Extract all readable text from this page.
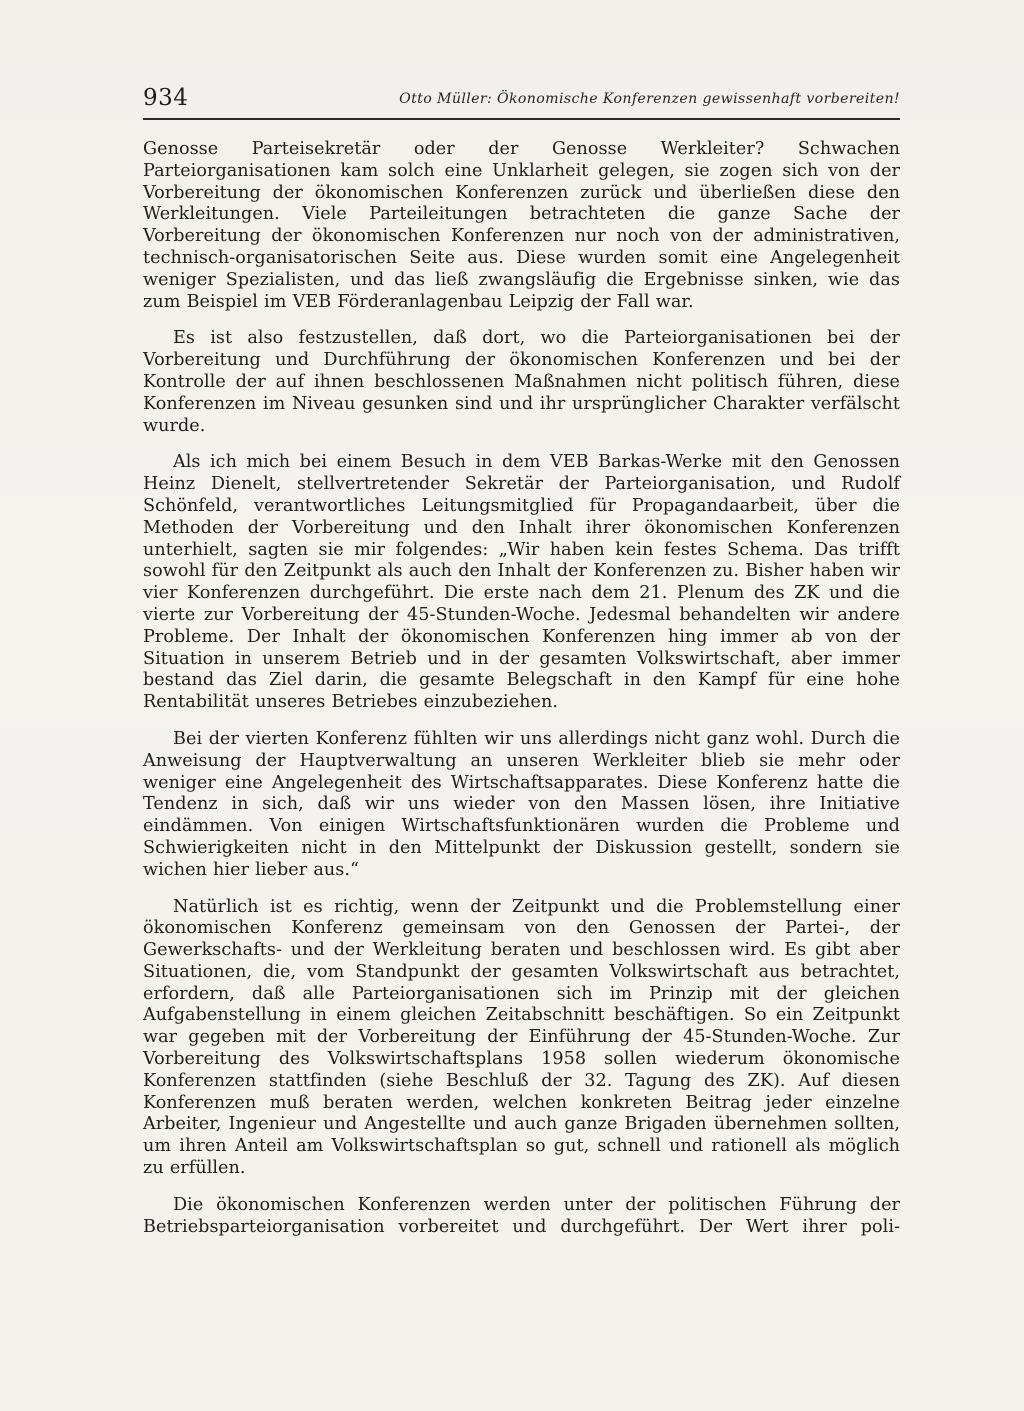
934	Otto Müller: Ökonomische Konferenzen gewissenhaft vorbereiten!

Genosse Parteisekretär oder der Genosse Werkleiter? Schwachen Parteiorganisationen kam solch eine Unklarheit gelegen, sie zogen sich von der Vorbereitung der ökonomischen Konferenzen zurück und überließen diese den Werkleitungen. Viele Parteileitungen betrachteten die ganze Sache der Vorbereitung der ökonomischen Konferenzen nur noch von der administrativen, technisch-organisatorischen Seite aus. Diese wurden somit eine Angelegenheit weniger Spezialisten, und das ließ zwangsläufig die Ergebnisse sinken, wie das zum Beispiel im VEB Förderanlagenbau Leipzig der Fall war.

Es ist also festzustellen, daß dort, wo die Parteiorganisationen bei der Vorbereitung und Durchführung der ökonomischen Konferenzen und bei der Kontrolle der auf ihnen beschlossenen Maßnahmen nicht politisch führen, diese Konferenzen im Niveau gesunken sind und ihr ursprünglicher Charakter verfälscht wurde.

Als ich mich bei einem Besuch in dem VEB Barkas-Werke mit den Genossen Heinz Dienelt, stellvertretender Sekretär der Parteiorganisation, und Rudolf Schönfeld, verantwortliches Leitungsmitglied für Propagandaarbeit, über die Methoden der Vorbereitung und den Inhalt ihrer ökonomischen Konferenzen unterhielt, sagten sie mir folgendes: „Wir haben kein festes Schema. Das trifft sowohl für den Zeitpunkt als auch den Inhalt der Konferenzen zu. Bisher haben wir vier Konferenzen durchgeführt. Die erste nach dem 21. Plenum des ZK und die vierte zur Vorbereitung der 45-Stunden-Woche. Jedesmal behandelten wir andere Probleme. Der Inhalt der ökonomischen Konferenzen hing immer ab von der Situation in unserem Betrieb und in der gesamten Volkswirtschaft, aber immer bestand das Ziel darin, die gesamte Belegschaft in den Kampf für eine hohe Rentabilität unseres Betriebes einzubeziehen.

Bei der vierten Konferenz fühlten wir uns allerdings nicht ganz wohl. Durch die Anweisung der Hauptverwaltung an unseren Werkleiter blieb sie mehr oder weniger eine Angelegenheit des Wirtschaftsapparates. Diese Konferenz hatte die Tendenz in sich, daß wir uns wieder von den Massen lösen, ihre Initiative eindämmen. Von einigen Wirtschaftsfunktionären wurden die Probleme und Schwierigkeiten nicht in den Mittelpunkt der Diskussion gestellt, sondern sie wichen hier lieber aus.“

Natürlich ist es richtig, wenn der Zeitpunkt und die Problemstellung einer ökonomischen Konferenz gemeinsam von den Genossen der Partei-, der Gewerkschafts- und der Werkleitung beraten und beschlossen wird. Es gibt aber Situationen, die, vom Standpunkt der gesamten Volkswirtschaft aus betrachtet, erfordern, daß alle Parteiorganisationen sich im Prinzip mit der gleichen Aufgabenstellung in einem gleichen Zeitabschnitt beschäftigen. So ein Zeitpunkt war gegeben mit der Vorbereitung der Einführung der 45-Stunden-Woche. Zur Vorbereitung des Volkswirtschaftsplans 1958 sollen wiederum ökonomische Konferenzen stattfinden (siehe Beschluß der 32. Tagung des ZK). Auf diesen Konferenzen muß beraten werden, welchen konkreten Beitrag jeder einzelne Arbeiter, Ingenieur und Angestellte und auch ganze Brigaden übernehmen sollten, um ihren Anteil am Volkswirtschaftsplan so gut, schnell und rationell als möglich zu erfüllen.

Die ökonomischen Konferenzen werden unter der politischen Führung der Betriebsparteiorganisation vorbereitet und durchgeführt. Der Wert ihrer poli-
